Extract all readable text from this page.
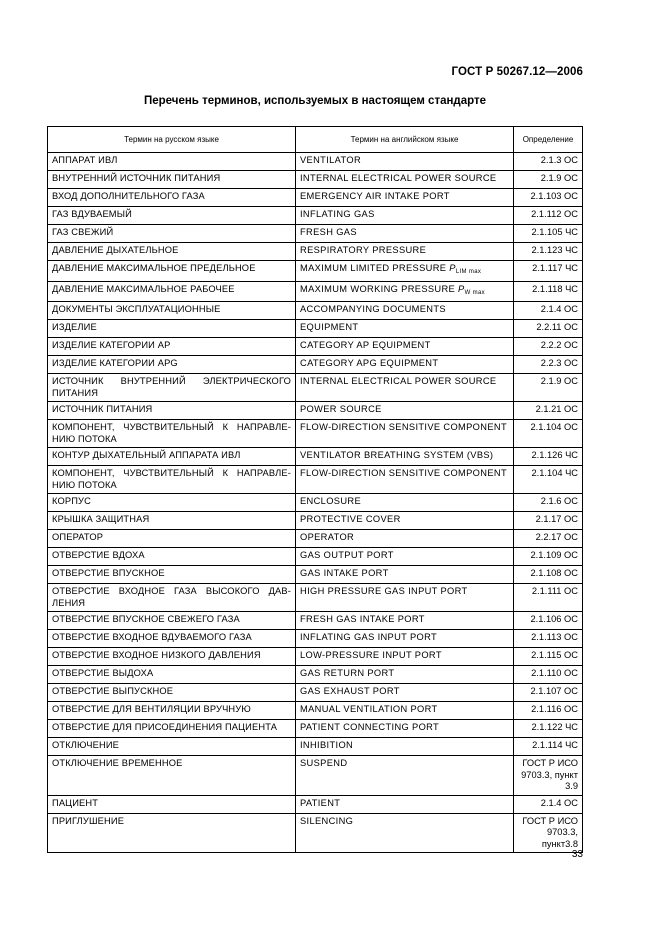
ГОСТ Р 50267.12—2006
Перечень терминов, используемых в настоящем стандарте
Термин на русском языке	Термин на английском языке	Определение
АППАРАТ ИВЛ	VENTILATOR	2.1.3 ОС
ВНУТРЕННИЙ ИСТОЧНИК ПИТАНИЯ	INTERNAL ELECTRICAL POWER SOURCE	2.1.9 ОС
ВХОД ДОПОЛНИТЕЛЬНОГО ГАЗА	EMERGENCY AIR INTAKE PORT	2.1.103 ОС
ГАЗ ВДУВАЕМЫЙ	INFLATING GAS	2.1.112 ОС
ГАЗ СВЕЖИЙ	FRESH GAS	2.1.105 ЧС
ДАВЛЕНИЕ ДЫХАТЕЛЬНОЕ	RESPIRATORY PRESSURE	2.1.123 ЧС
ДАВЛЕНИЕ МАКСИМАЛЬНОЕ ПРЕДЕЛЬНОЕ	MAXIMUM LIMITED PRESSURE $P_{LIM max}$	2.1.117 ЧС
ДАВЛЕНИЕ МАКСИМАЛЬНОЕ РАБОЧЕЕ	MAXIMUM WORKING PRESSURE $P_{W max}$	2.1.118 ЧС
ДОКУМЕНТЫ ЭКСПЛУАТАЦИОННЫЕ	ACCOMPANYING DOCUMENTS	2.1.4 ОС
ИЗДЕЛИЕ	EQUIPMENT	2.2.11 ОС
ИЗДЕЛИЕ КАТЕГОРИИ AP	CATEGORY AP EQUIPMENT	2.2.2 ОС
ИЗДЕЛИЕ КАТЕГОРИИ APG	CATEGORY APG EQUIPMENT	2.2.3 ОС
ИСТОЧНИК ВНУТРЕННИЙ ЭЛЕКТРИЧЕСКОГО ПИТАНИЯ	INTERNAL ELECTRICAL POWER SOURCE	2.1.9 ОС
ИСТОЧНИК ПИТАНИЯ	POWER SOURCE	2.1.21 ОС
КОМПОНЕНТ, ЧУВСТВИТЕЛЬНЫЙ К НАПРАВЛЕ-НИЮ ПОТОКА	FLOW-DIRECTION SENSITIVE COMPONENT	2.1.104 ОС
КОНТУР ДЫХАТЕЛЬНЫЙ АППАРАТА ИВЛ	VENTILATOR BREATHING SYSTEM (VBS)	2.1.126 ЧС
КОМПОНЕНТ, ЧУВСТВИТЕЛЬНЫЙ К НАПРАВЛЕ-НИЮ ПОТОКА	FLOW-DIRECTION SENSITIVE COMPONENT	2.1.104 ЧС
КОРПУС	ENCLOSURE	2.1.6 ОС
КРЫШКА ЗАЩИТНАЯ	PROTECTIVE COVER	2.1.17 ОС
ОПЕРАТОР	OPERATOR	2.2.17 ОС
ОТВЕРСТИЕ ВДОХА	GAS OUTPUT PORT	2.1.109 ОС
ОТВЕРСТИЕ ВПУСКНОЕ	GAS INTAKE PORT	2.1.108 ОС
ОТВЕРСТИЕ ВХОДНОЕ ГАЗА ВЫСОКОГО ДАВ-ЛЕНИЯ	HIGH PRESSURE GAS INPUT PORT	2.1.111 ОС
ОТВЕРСТИЕ ВПУСКНОЕ СВЕЖЕГО ГАЗА	FRESH GAS INTAKE PORT	2.1.106 ОС
ОТВЕРСТИЕ ВХОДНОЕ ВДУВАЕМОГО ГАЗА	INFLATING GAS INPUT PORT	2.1.113 ОС
ОТВЕРСТИЕ ВХОДНОЕ НИЗКОГО ДАВЛЕНИЯ	LOW-PRESSURE INPUT PORT	2.1.115 ОС
ОТВЕРСТИЕ ВЫДОХА	GAS RETURN PORT	2.1.110 ОС
ОТВЕРСТИЕ ВЫПУСКНОЕ	GAS EXHAUST PORT	2.1.107 ОС
ОТВЕРСТИЕ ДЛЯ ВЕНТИЛЯЦИИ ВРУЧНУЮ	MANUAL VENTILATION PORT	2.1.116 ОС
ОТВЕРСТИЕ ДЛЯ ПРИСОЕДИНЕНИЯ ПАЦИЕНТА	PATIENT CONNECTING PORT	2.1.122 ЧС
ОТКЛЮЧЕНИЕ	INHIBITION	2.1.114 ЧС
ОТКЛЮЧЕНИЕ ВРЕМЕННОЕ	SUSPEND	ГОСТ Р ИСО 9703.3, пункт 3.9
ПАЦИЕНТ	PATIENT	2.1.4 ОС
ПРИГЛУШЕНИЕ	SILENCING	ГОСТ Р ИСО 9703.3, пункт3.8
33
